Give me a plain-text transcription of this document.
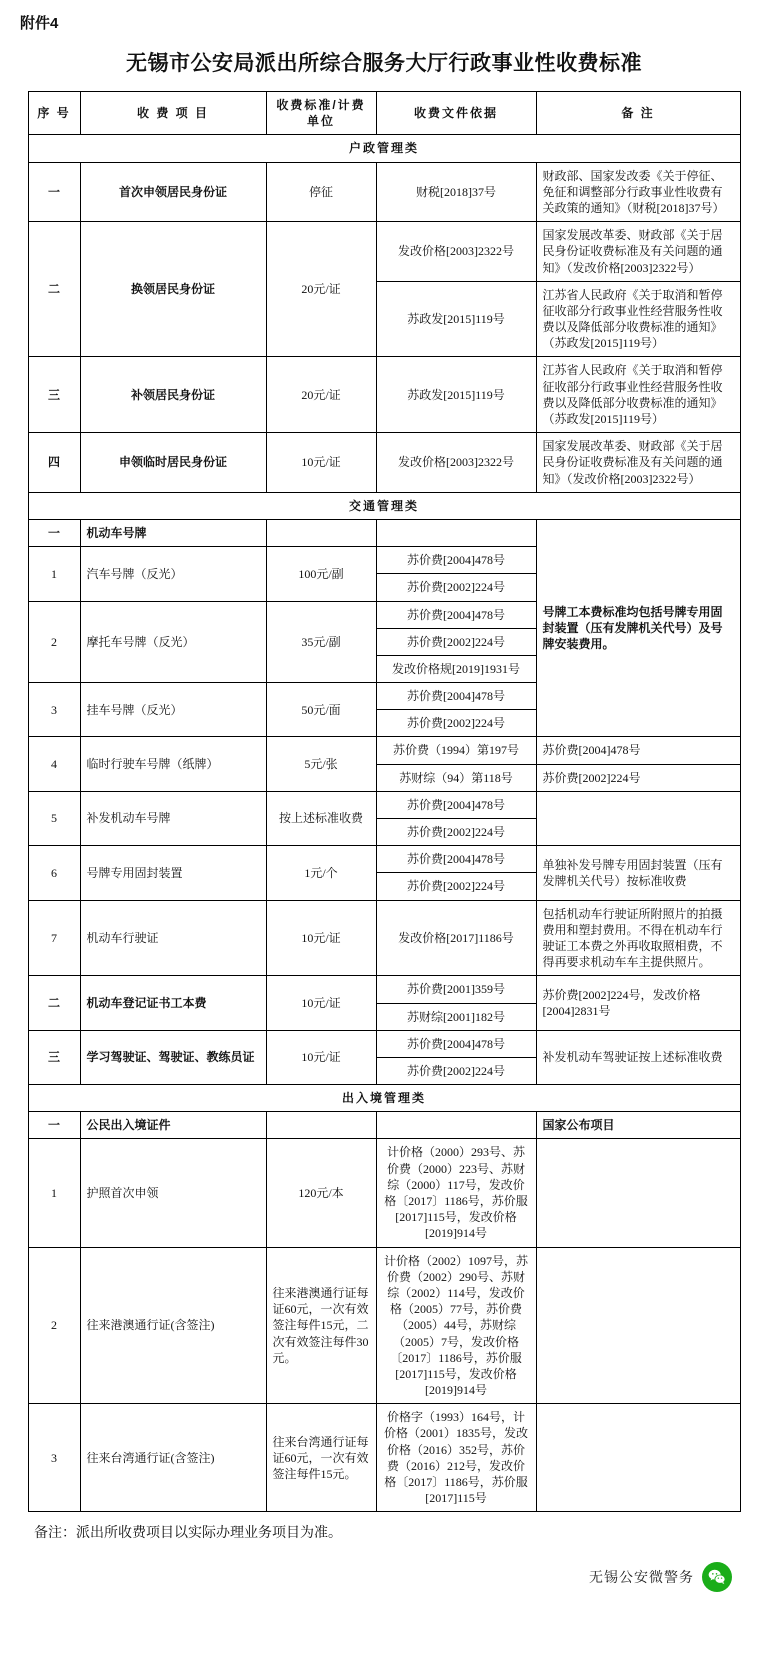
附件4
无锡市公安局派出所综合服务大厅行政事业性收费标准
序 号	收 费 项 目	收费标准/计费单位	收费文件依据	备 注
户政管理类				
一	首次申领居民身份证	停征	财税[2018]37号	财政部、国家发改委《关于停征、免征和调整部分行政事业性收费有关政策的通知》（财税[2018]37号）
二	换领居民身份证	20元/证	发改价格[2003]2322号	国家发展改革委、财政部《关于居民身份证收费标准及有关问题的通知》（发改价格[2003]2322号）
			苏政发[2015]119号	江苏省人民政府《关于取消和暂停征收部分行政事业性经营服务性收费以及降低部分收费标准的通知》（苏政发[2015]119号）
三	补领居民身份证	20元/证	苏政发[2015]119号	江苏省人民政府《关于取消和暂停征收部分行政事业性经营服务性收费以及降低部分收费标准的通知》（苏政发[2015]119号）
四	申领临时居民身份证	10元/证	发改价格[2003]2322号	国家发展改革委、财政部《关于居民身份证收费标准及有关问题的通知》（发改价格[2003]2322号）
交通管理类				
一	机动车号牌			号牌工本费标准均包括号牌专用固封装置（压有发牌机关代号）及号牌安装费用。
1	汽车号牌（反光）	100元/副	苏价费[2004]478号	
			苏价费[2002]224号	
2	摩托车号牌（反光）	35元/副	苏价费[2004]478号	
			苏价费[2002]224号	
			发改价格规[2019]1931号	
3	挂车号牌（反光）	50元/面	苏价费[2004]478号	
			苏价费[2002]224号	
4	临时行驶车号牌（纸牌）	5元/张	苏价费（1994）第197号	苏价费[2004]478号
			苏财综（94）第118号	苏价费[2002]224号
5	补发机动车号牌	按上述标准收费	苏价费[2004]478号	
			苏价费[2002]224号	
6	号牌专用固封装置	1元/个	苏价费[2004]478号	单独补发号牌专用固封装置（压有发牌机关代号）按标准收费
			苏价费[2002]224号	
7	机动车行驶证	10元/证	发改价格[2017]1186号	包括机动车行驶证所附照片的拍摄费用和塑封费用。不得在机动车行驶证工本费之外再收取照相费，不得再要求机动车车主提供照片。
二	机动车登记证书工本费	10元/证	苏价费[2001]359号	苏价费[2002]224号，发改价格[2004]2831号
			苏财综[2001]182号	
三	学习驾驶证、驾驶证、教练员证	10元/证	苏价费[2004]478号	补发机动车驾驶证按上述标准收费
			苏价费[2002]224号	
出入境管理类				
一	公民出入境证件			国家公布项目
1	护照首次申领	120元/本	计价格（2000）293号、苏价费（2000）223号、苏财综（2000）117号，发改价格〔2017〕1186号，苏价服[2017]115号，发改价格[2019]914号	
2	往来港澳通行证(含签注)	往来港澳通行证每证60元，一次有效签注每件15元，二次有效签注每件30元。	计价格（2002）1097号，苏价费（2002）290号、苏财综（2002）114号，发改价格（2005）77号，苏价费（2005）44号，苏财综（2005）7号，发改价格〔2017〕1186号，苏价服[2017]115号，发改价格[2019]914号	
3	往来台湾通行证(含签注)	往来台湾通行证每证60元，一次有效签注每件15元。	价格字（1993）164号，计价格（2001）1835号，发改价格（2016）352号，苏价费（2016）212号，发改价格〔2017〕1186号，苏价服[2017]115号	
备注：派出所收费项目以实际办理业务项目为准。
无锡公安微警务
